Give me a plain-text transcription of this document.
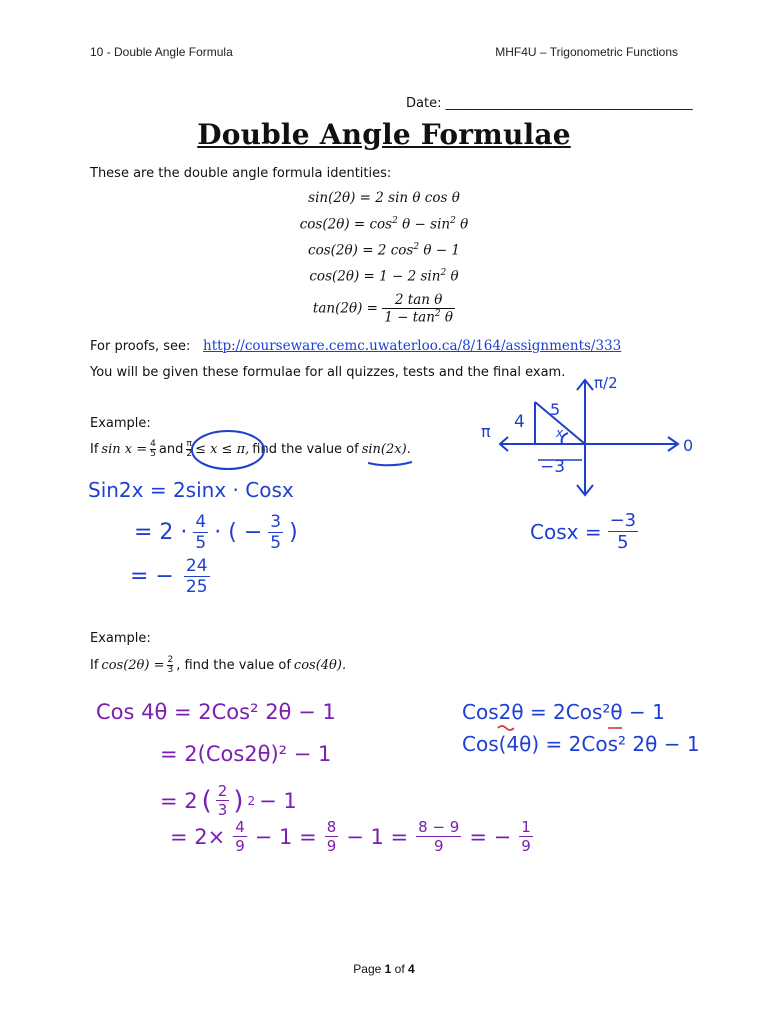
10 - Double Angle Formula	MHF4U – Trigonometric Functions
Date: ______________________________________
Double Angle Formulae
These are the double angle formula identities:
sin(2θ) = 2 sin θ cos θ
$\cos(2\theta) = \cos^2 \theta - \sin^2 \theta$
cos(2θ) = 2 $\cos^2 \theta - 1$
cos(2θ) = 1 − 2 $\sin^2 \theta$
$\tan(2\theta) = \frac{\text{2 tan θ}}{1 - \tan^2 \theta}$
For proofs, see: http://courseware.cemc.uwaterloo.ca/8/164/assignments/333
You will be given these formulae for all quizzes, tests and the final exam.
Example:
If $\sin x = \frac{4}{5}$ and $\frac{\pi}{2} \le x \le \pi$, find the value of sin(2x).
Sin2x = 2sinx · Cosx
= $2 \cdot \frac{4}{5}$ · ( − $\frac{3}{5}$ )
= − $\frac{24}{25}$
Cosx = $\frac{-3}{5}$
−3
4
5
x
π
0
π/2
Example:
If $\cos(2\theta) = \frac{2}{3}$ , find the value of cos(4θ).
Cos 4θ = 2Cos² 2θ − 1
= 2(Cos2θ)² − 1
= 2 ( $\frac{2}{3}$ ) 2 − 1
= $2\times \frac{4}{9} - 1 = \frac{8}{9} - 1 = \frac{8 - 9}{9}$ = − $\frac{1}{9}$
Cos2θ = 2Cos²θ − 1
Cos(4θ) = 2Cos² 2θ − 1
Page 1 of 4
